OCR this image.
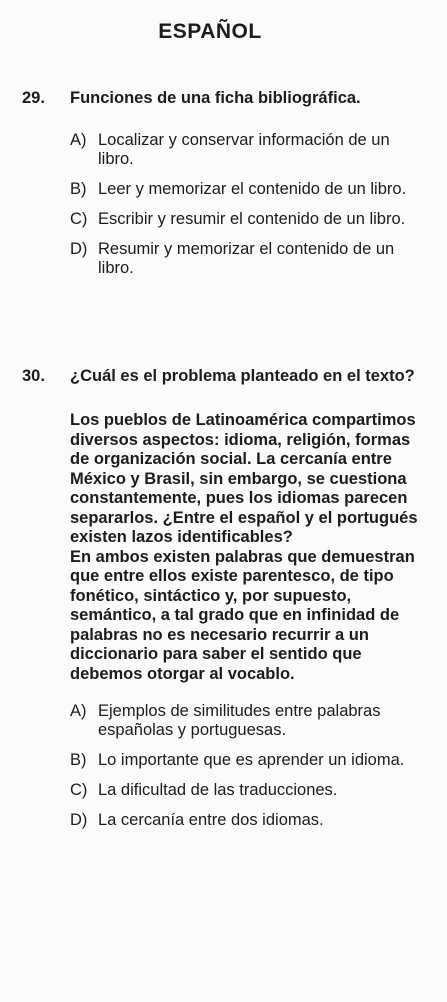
ESPAÑOL
29.	Funciones de una ficha bibliográfica.
A) Localizar y conservar información de un libro.
B) Leer y memorizar el contenido de un libro.
C) Escribir y resumir el contenido de un libro.
D) Resumir y memorizar el contenido de un libro.
30.	¿Cuál es el problema planteado en el texto?

Los pueblos de Latinoamérica compartimos diversos aspectos: idioma, religión, formas de organización social. La cercanía entre México y Brasil, sin embargo, se cuestiona constantemente, pues los idiomas parecen separarlos. ¿Entre el español y el portugués existen lazos identificables?

En ambos existen palabras que demuestran que entre ellos existe parentesco, de tipo fonético, sintáctico y, por supuesto, semántico, a tal grado que en infinidad de palabras no es necesario recurrir a un diccionario para saber el sentido que debemos otorgar al vocablo.

A) Ejemplos de similitudes entre palabras españolas y portuguesas.
B) Lo importante que es aprender un idioma.
C) La dificultad de las traducciones.
D) La cercanía entre dos idiomas.
